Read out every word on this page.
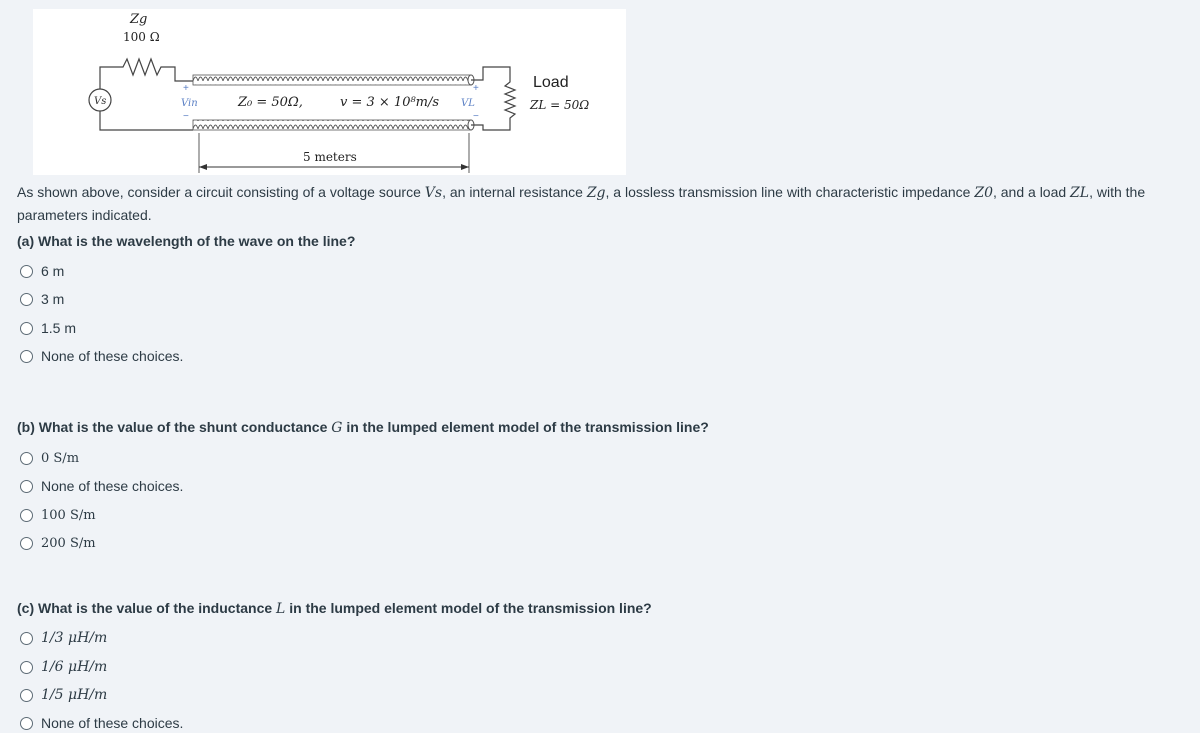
Vs
Zg
100 Ω
+
Vin
−
Z₀ = 50Ω,	v = 3 × 10⁸m/s VL
+
−
Load
ZL = 50Ω
5 meters
As shown above, consider a circuit consisting of a voltage source Vs, an internal resistance Zg, a lossless transmission line with characteristic impedance Z0, and a load ZL, with the parameters indicated.
(a) What is the wavelength of the wave on the line?
6 m
3 m
1.5 m
None of these choices.
(b) What is the value of the shunt conductance G in the lumped element model of the transmission line?
0 S/m
None of these choices.
100 S/m
200 S/m
(c) What is the value of the inductance L in the lumped element model of the transmission line?
1/3 μH/m
1/6 μH/m
1/5 μH/m
None of these choices.
